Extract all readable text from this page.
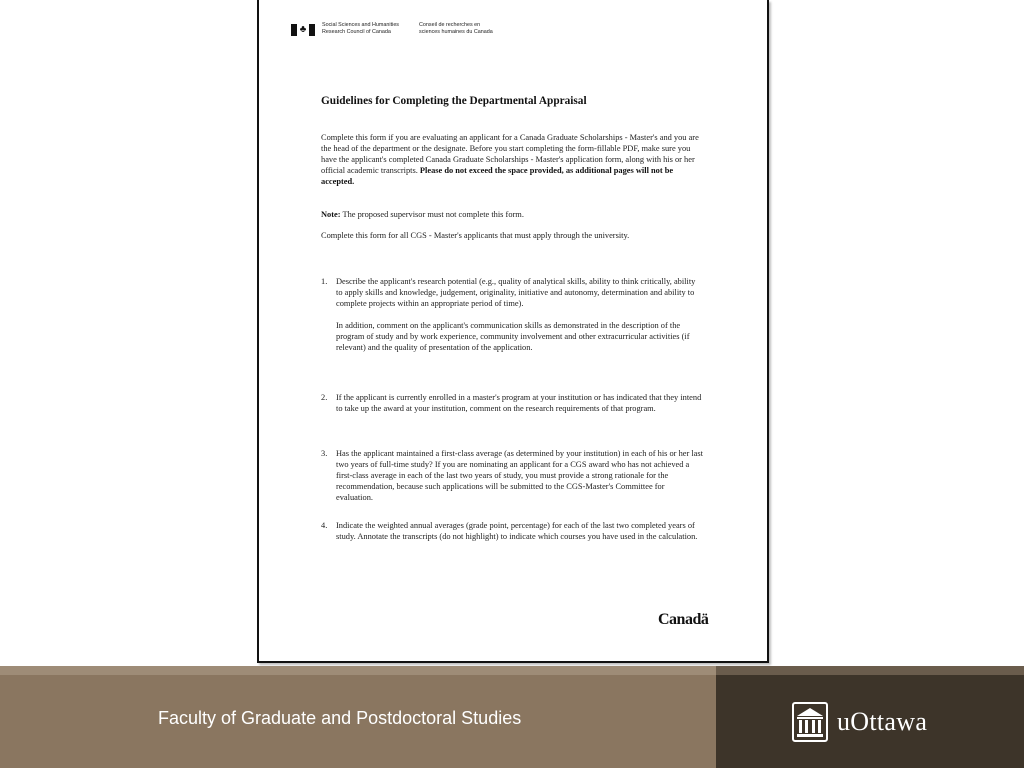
♣	Social Sciences and Humanities
Research Council of Canada
Conseil de recherches en
sciences humaines du Canada
Guidelines for Completing the Departmental Appraisal
Complete this form if you are evaluating an applicant for a Canada Graduate Scholarships - Master's and you are the head of the department or the designate. Before you start completing the form-fillable PDF, make sure you have the applicant's completed Canada Graduate Scholarships - Master's application form, along with his or her official academic transcripts. Please do not exceed the space provided, as additional pages will not be accepted.
Note: The proposed supervisor must not complete this form.
Complete this form for all CGS - Master's applicants that must apply through the university.
1.	Describe the applicant's research potential (e.g., quality of analytical skills, ability to think critically, ability to apply skills and knowledge, judgement, originality, initiative and autonomy, determination and ability to complete projects within an appropriate period of time).

In addition, comment on the applicant's communication skills as demonstrated in the description of the program of study and by work experience, community involvement and other extracurricular activities (if relevant) and the quality of presentation of the application.

2.	If the applicant is currently enrolled in a master's program at your institution or has indicated that they intend to take up the award at your institution, comment on the research requirements of that program.

3.	Has the applicant maintained a first-class average (as determined by your institution) in each of his or her last two years of full-time study? If you are nominating an applicant for a CGS award who has not achieved a first-class average in each of the last two years of study, you must provide a strong rationale for the recommendation, because such applications will be submitted to the CGS-Master's Committee for evaluation.

4.	Indicate the weighted annual averages (grade point, percentage) for each of the last two completed years of study. Annotate the transcripts (do not highlight) to indicate which courses you have used in the calculation.

Canadä
Faculty of Graduate and Postdoctoral Studies	uOttawa
